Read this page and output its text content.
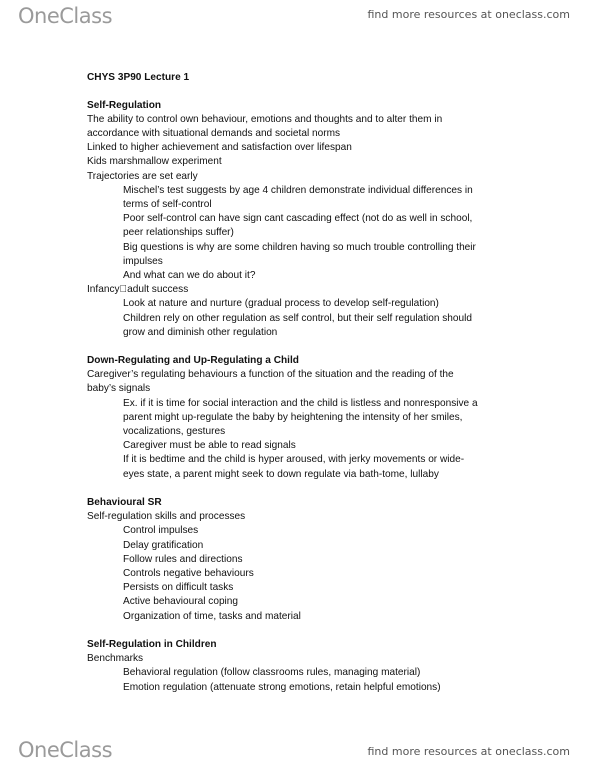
OneClass	find more resources at oneclass.com
CHYS 3P90 Lecture 1
Self-Regulation
The ability to control own behaviour, emotions and thoughts and to alter them in
accordance with situational demands and societal norms
Linked to higher achievement and satisfaction over lifespan
Kids marshmallow experiment
Trajectories are set early
Mischel’s test suggests by age 4 children demonstrate individual differences in
terms of self-control
Poor self-control can have sign cant cascading effect (not do as well in school,
peer relationships suffer)
Big questions is why are some children having so much trouble controlling their
impulses
And what can we do about it?
Infancy adult success
Look at nature and nurture (gradual process to develop self-regulation)
Children rely on other regulation as self control, but their self regulation should
grow and diminish other regulation
Down-Regulating and Up-Regulating a Child
Caregiver’s regulating behaviours a function of the situation and the reading of the
baby’s signals
Ex. if it is time for social interaction and the child is listless and nonresponsive a
parent might up-regulate the baby by heightening the intensity of her smiles,
vocalizations, gestures
Caregiver must be able to read signals
If it is bedtime and the child is hyper aroused, with jerky movements or wide-
eyes state, a parent might seek to down regulate via bath-tome, lullaby
Behavioural SR
Self-regulation skills and processes
Control impulses
Delay gratification
Follow rules and directions
Controls negative behaviours
Persists on difficult tasks
Active behavioural coping
Organization of time, tasks and material
Self-Regulation in Children
Benchmarks
Behavioral regulation (follow classrooms rules, managing material)
Emotion regulation (attenuate strong emotions, retain helpful emotions)
OneClass	find more resources at oneclass.com
